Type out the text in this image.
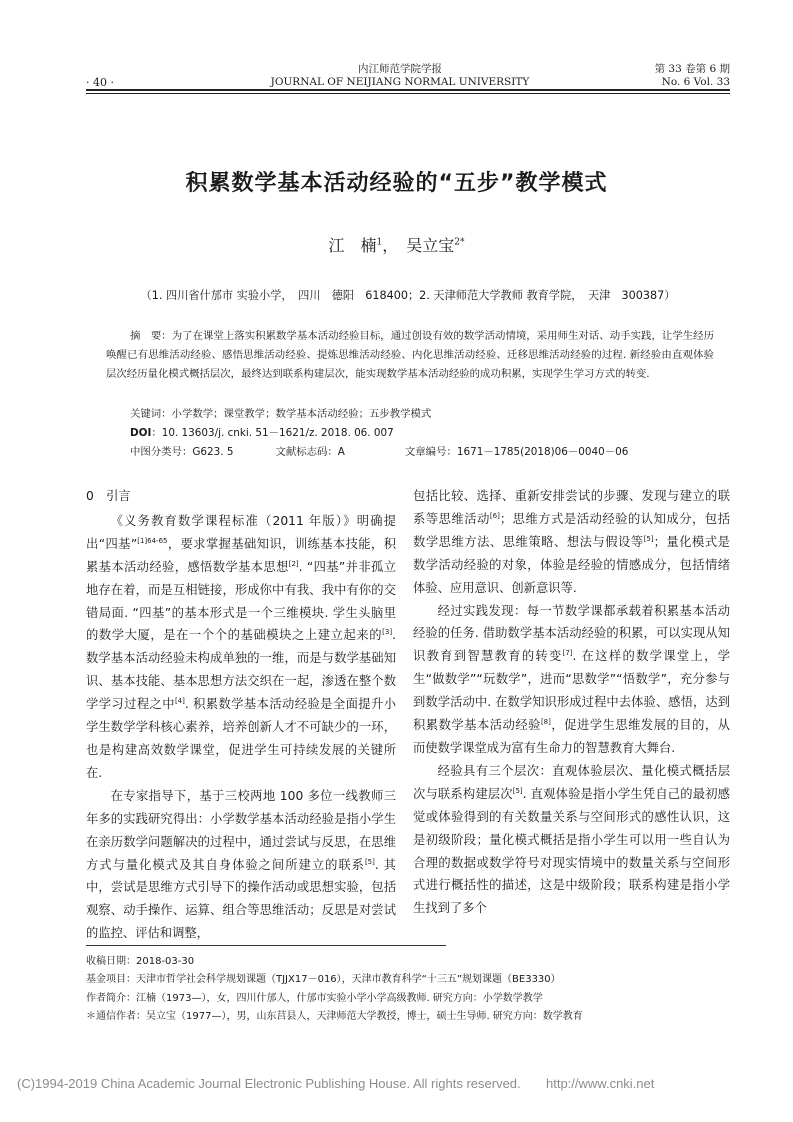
· 40 ·
内江师范学院学报
JOURNAL OF NEIJIANG NORMAL UNIVERSITY
第 33 卷第 6 期
No. 6 Vol. 33
积累数学基本活动经验的“五步”教学模式
江　楠$^1$，　吴立宝$^{2*}$
（1. 四川省什邡市 实验小学，　四川　德阳　618400；2. 天津师范大学教师 教育学院，　天津　300387）
摘　要：为了在课堂上落实积累数学基本活动经验目标，通过创设有效的数学活动情境，采用师生对话、动手实践，让学生经历唤醒已有思维活动经验、感悟思维活动经验、提炼思维活动经验、内化思维活动经验、迁移思维活动经验的过程. 新经验由直观体验层次经历量化模式概括层次，最终达到联系构建层次，能实现数学基本活动经验的成功积累，实现学生学习方式的转变.
关键词：小学数学；课堂教学；数学基本活动经验；五步教学模式
DOI：10. 13603/j. cnki. 51－1621/z. 2018. 06. 007
中图分类号：G623. 5	文献标志码：A	文章编号：1671－1785(2018)06－0040－06

0　引言

《义务教育数学课程标准（2011 年版）》明确提出“四基”$^{[1]64-65}$，要求掌握基础知识，训练基本技能，积累基本活动经验，感悟数学基本思想[2]. “四基”并非孤立地存在着，而是互相链接，形成你中有我、我中有你的交错局面. “四基”的基本形式是一个三维模块. 学生头脑里的数学大厦，是在一个个的基础模块之上建立起来的[3]. 数学基本活动经验未构成单独的一维，而是与数学基础知识、基本技能、基本思想方法交织在一起，渗透在整个数学学习过程之中[4]. 积累数学基本活动经验是全面提升小学生数学学科核心素养，培养创新人才不可缺少的一环，也是构建高效数学课堂，促进学生可持续发展的关键所在.

在专家指导下，基于三校两地 100 多位一线教师三年多的实践研究得出：小学数学基本活动经验是指小学生在亲历数学问题解决的过程中，通过尝试与反思，在思维方式与量化模式及其自身体验之间所建立的联系[5]. 其中，尝试是思维方式引导下的操作活动或思想实验，包括观察、动手操作、运算、组合等思维活动；反思是对尝试的监控、评估和调整，

包括比较、选择、重新安排尝试的步骤、发现与建立的联系等思维活动[6]；思维方式是活动经验的认知成分，包括数学思维方法、思维策略、想法与假设等[5]；量化模式是数学活动经验的对象，体验是经验的情感成分，包括情绪体验、应用意识、创新意识等.

经过实践发现：每一节数学课都承载着积累基本活动经验的任务. 借助数学基本活动经验的积累，可以实现从知识教育到智慧教育的转变[7]. 在这样的数学课堂上，学生“做数学”“玩数学”，进而“思数学”“悟数学”，充分参与到数学活动中. 在数学知识形成过程中去体验、感悟，达到积累数学基本活动经验[8]，促进学生思维发展的目的，从而使数学课堂成为富有生命力的智慧教育大舞台.

经验具有三个层次：直观体验层次、量化模式概括层次与联系构建层次[5]. 直观体验是指小学生凭自己的最初感觉或体验得到的有关数量关系与空间形式的感性认识，这是初级阶段；量化模式概括是指小学生可以用一些自认为合理的数据或数学符号对现实情境中的数量关系与空间形式进行概括性的描述，这是中级阶段；联系构建是指小学生找到了多个

收稿日期：2018-03-30
基金项目：天津市哲学社会科学规划课题（TJJX17－016），天津市教育科学“十三五”规划课题（BE3330）
作者简介：江楠（1973—），女，四川什邡人，什邡市实验小学小学高级教师. 研究方向：小学数学教学
＊通信作者：吴立宝（1977—），男，山东莒县人，天津师范大学教授，博士，硕士生导师. 研究方向：数学教育
(C)1994-2019 China Academic Journal Electronic Publishing House. All rights reserved. http://www.cnki.net
